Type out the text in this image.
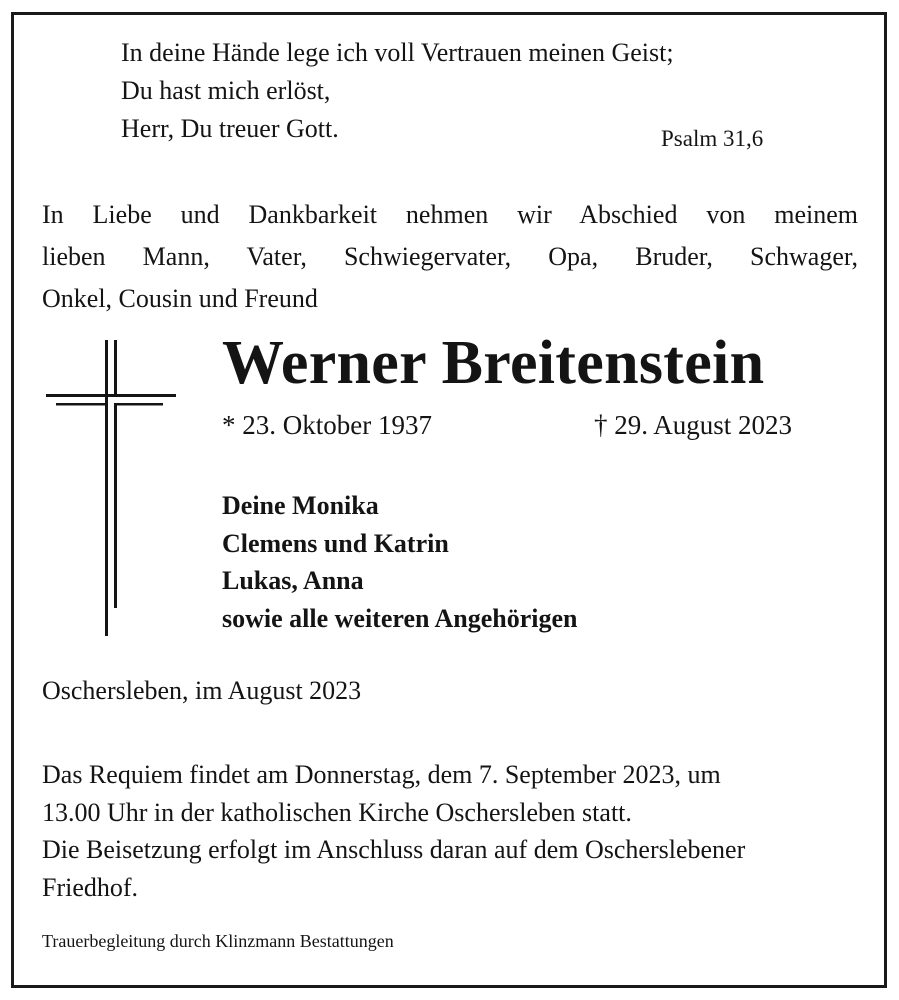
In deine Hände lege ich voll Vertrauen meinen Geist;
Du hast mich erlöst,
Herr, Du treuer Gott.	Psalm 31,6
In Liebe und Dankbarkeit nehmen wir Abschied von meinem
lieben Mann, Vater, Schwiegervater, Opa, Bruder, Schwager,
Onkel, Cousin und Freund
Werner Breitenstein
* 23. Oktober 1937	† 29. August 2023
Deine Monika
Clemens und Katrin
Lukas, Anna
sowie alle weiteren Angehörigen
Oschersleben, im August 2023
Das Requiem findet am Donnerstag, dem 7. September 2023, um
13.00 Uhr in der katholischen Kirche Oschersleben statt.
Die Beisetzung erfolgt im Anschluss daran auf dem Oscherslebener
Friedhof.
Trauerbegleitung durch Klinzmann Bestattungen
